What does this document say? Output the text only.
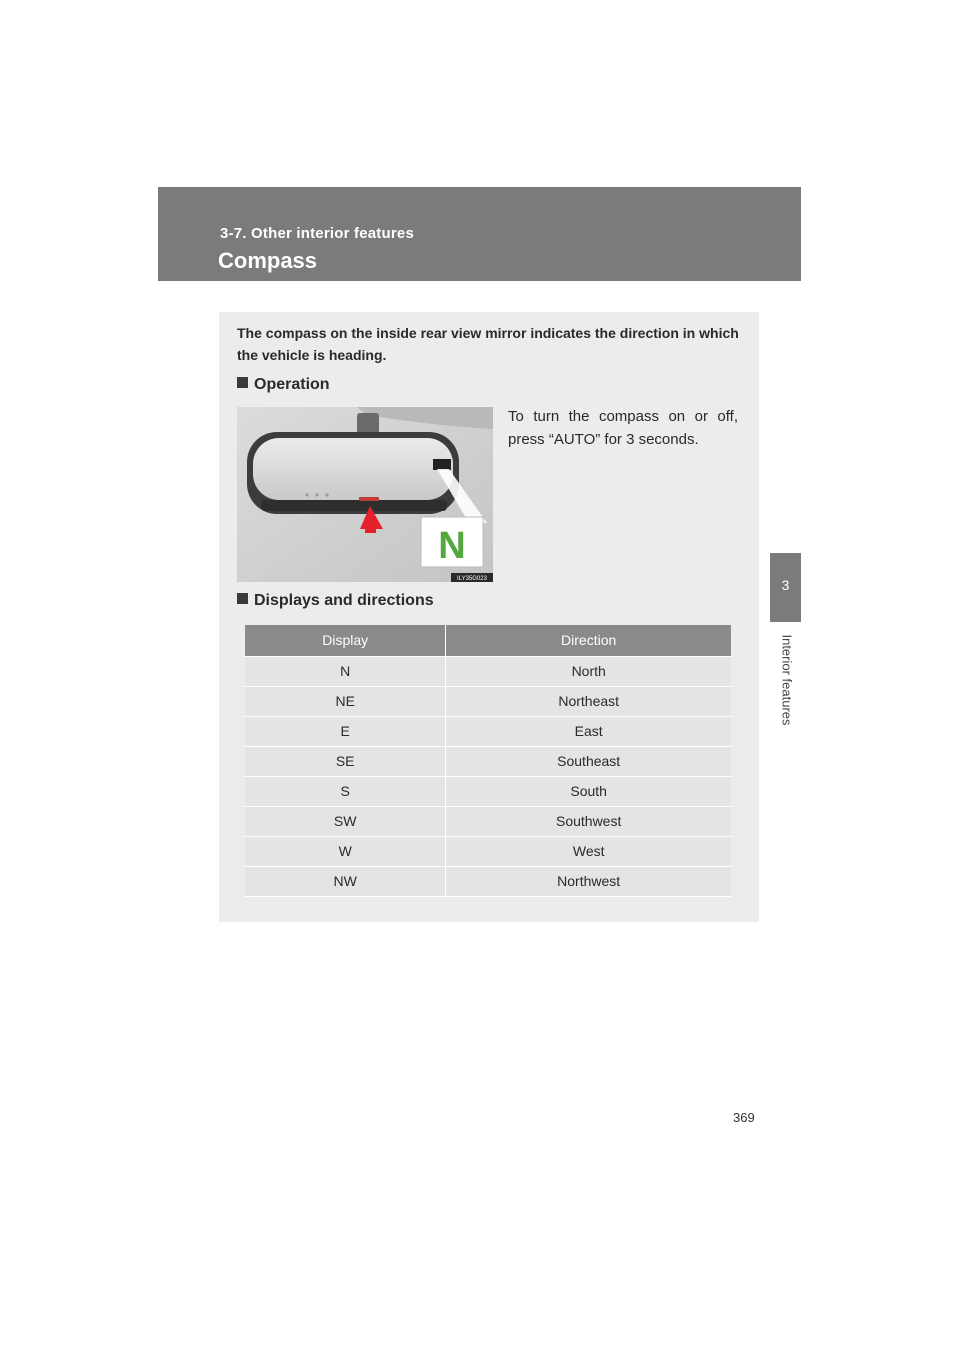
3-7. Other interior features
Compass
3
Interior features
The compass on the inside rear view mirror indicates the direction in which the vehicle is heading.
Operation
N
ILY35G023
To turn the compass on or off, press “AUTO” for 3 seconds.
Displays and directions
Display	Direction
N	North
NE	Northeast
E	East
SE	Southeast
S	South
SW	Southwest
W	West
NW	Northwest
369
